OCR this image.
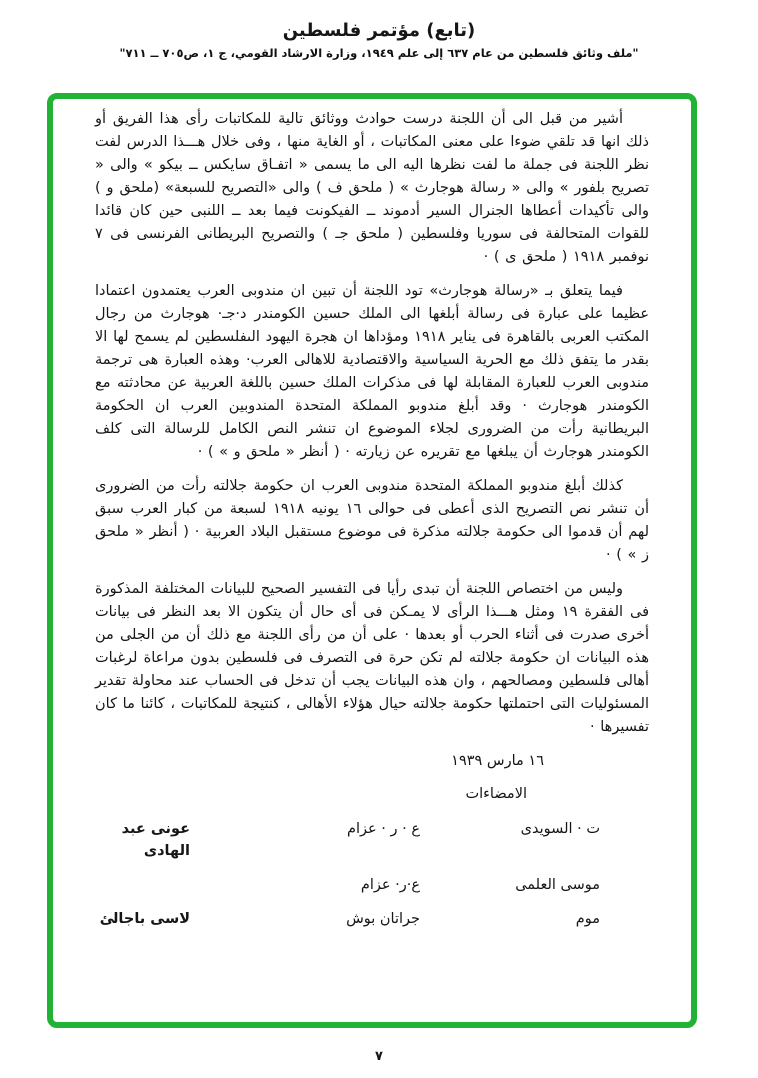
(تابع) مؤتمر فلسطين
"ملف وثائق فلسطين من عام ٦٣٧ إلى علم ١٩٤٩، وزارة الارشاد القومي، ج ١، ص٧٠٥ ــ ٧١١"

أشير من قبل الى أن اللجنة درست حوادث ووثائق تالية للمكاتبات رأى هذا الفريق أو ذلك انها قد تلقي ضوءا على معنى المكاتبات ، أو الغاية منها ، وفى خلال هـــذا الدرس لفت نظر اللجنة فى جملة ما لفت نظرها اليه الى ما يسمى « اتفـاق سايكس ــ بيكو » والى « تصريح بلفور » والى « رسالة هوجارث » ( ملحق ف ) والى «التصريح للسبعة» (ملحق و ) والى تأكيدات أعطاها الجنرال السير أدموند ــ الفيكونت فيما بعد ــ اللنبى حين كان قائدا للقوات المتحالفة فى سوريا وفلسطين ( ملحق جـ ) والتصريح البريطانى الفرنسى فى ٧ نوفمبر ١٩١٨ ( ملحق ى ) ·

فيما يتعلق بـ «رسالة هوجارث» تود اللجنة أن تبين ان مندوبى العرب يعتمدون اعتمادا عظيما على عبارة فى رسالة أبلغها الى الملك حسين الكومندر د·جـ· هوجارث من رجال المكتب العربى بالقاهرة فى يناير ١٩١٨ ومؤداها ان هجرة اليهود الىفلسطين لم يسمح لها الا بقدر ما يتفق ذلك مع الحرية السياسية والاقتصادية للاهالى العرب· وهذه العبارة هى ترجمة مندوبى العرب للعبارة المقابلة لها فى مذكرات الملك حسين باللغة العربية عن محادثته مع الكومندر هوجارث · وقد أبلغ مندوبو المملكة المتحدة المندوبين العرب ان الحكومة البريطانية رأت من الضرورى لجلاء الموضوع ان تنشر النص الكامل للرسالة التى كلف الكومندر هوجارث أن يبلغها مع تقريره عن زيارته · ( أنظر « ملحق و » ) ·

كذلك أبلغ مندوبو المملكة المتحدة مندوبى العرب ان حكومة جلالته رأت من الضرورى أن تنشر نص التصريح الذى أعطى فى حوالى ١٦ يونيه ١٩١٨ لسبعة من كبار العرب سبق لهم أن قدموا الى حكومة جلالته مذكرة فى موضوع مستقبل البلاد العربية · ( أنظر « ملحق ز » ) ·

وليس من اختصاص اللجنة أن تبدى رأيا فى التفسير الصحيح للبيانات المختلفة المذكورة فى الفقرة ١٩ ومثل هـــذا الرأى لا يمـكن فى أى حال أن يتكون الا بعد النظر فى بيانات أخرى صدرت فى أثناء الحرب أو بعدها · على أن من رأى اللجنة مع ذلك أن من الجلى من هذه البيانات ان حكومة جلالته لم تكن حرة فى التصرف فى فلسطين بدون مراعاة لرغبات أهالى فلسطين ومصالحهم ، وان هذه البيانات يجب أن تدخل فى الحساب عند محاولة تقدير المسئوليات التى احتملتها حكومة جلالته حيال هؤلاء الأهالى ، كنتيجة للمكاتبات ، كائنا ما كان تفسيرها ·

١٦ مارس ١٩٣٩
الامضاءات
ت · السويدى
ع · ر · عزام
عونى عبد الهادى
موسى العلمى
ع·ر· عزام
موم
جراتان بوش
لاسى باجالئ
٧
